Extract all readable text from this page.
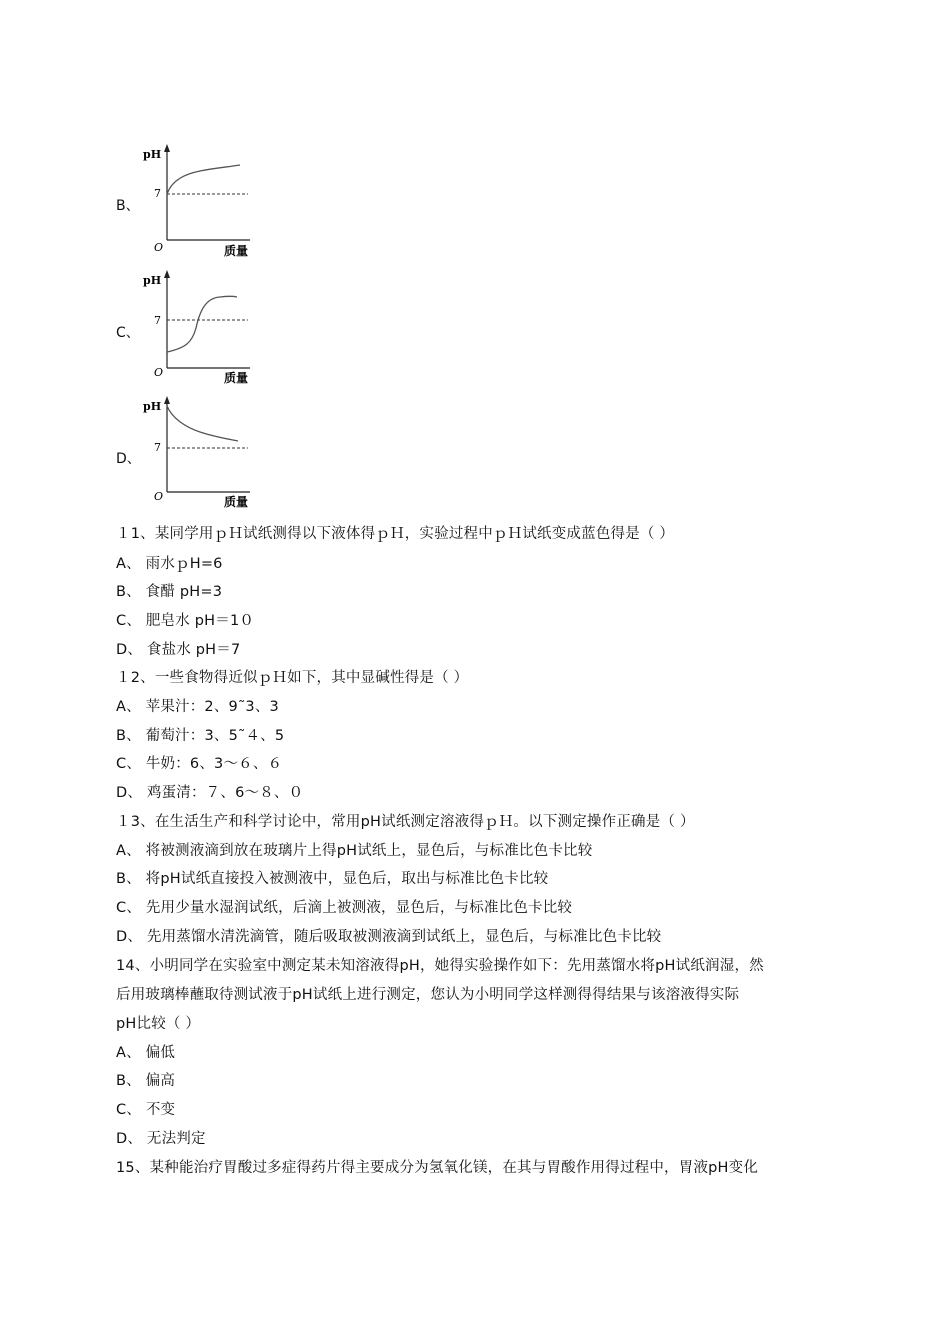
B、
pH
7
O	质量
C、
pH
7
O	质量
D、
pH
7
O	质量
１1、某同学用ｐＨ试纸测得以下液体得ｐＨ，实验过程中ｐＨ试纸变成蓝色得是（ ）
A、 雨水ｐH=6
B、 食醋 pH=3
C、 肥皂水 pH＝1０
D、 食盐水 pH＝7
１2、一些食物得近似ｐＨ如下，其中显碱性得是（ ）
A、 苹果汁：2、9˜3、3
B、 葡萄汁：3、5˜４、5
C、 牛奶：6、3～６、６
D、 鸡蛋清：７、6～８、０
１3、在生活生产和科学讨论中，常用pH试纸测定溶液得ｐＨ。以下测定操作正确是（ ）
A、 将被测液滴到放在玻璃片上得pH试纸上，显色后，与标准比色卡比较
B、 将pH试纸直接投入被测液中，显色后，取出与标准比色卡比较
C、 先用少量水湿润试纸，后滴上被测液，显色后，与标准比色卡比较
D、 先用蒸馏水清洗滴管，随后吸取被测液滴到试纸上，显色后，与标准比色卡比较
14、小明同学在实验室中测定某未知溶液得pH，她得实验操作如下：先用蒸馏水将pH试纸润湿，然
后用玻璃棒蘸取待测试液于pH试纸上进行测定，您认为小明同学这样测得得结果与该溶液得实际
pH比较（ ）
A、 偏低
B、 偏高
C、 不变
D、 无法判定
15、某种能治疗胃酸过多症得药片得主要成分为氢氧化镁，在其与胃酸作用得过程中，胃液pH变化
